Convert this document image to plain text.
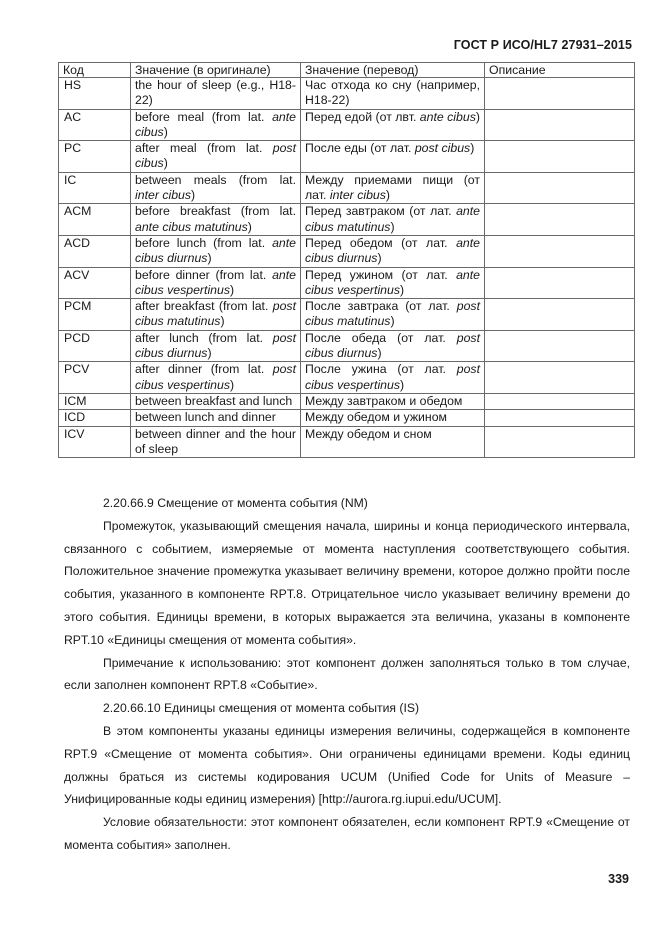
ГОСТ Р ИСО/HL7 27931–2015
Код	Значение (в оригинале)	Значение (перевод)	Описание
HS	the hour of sleep (e.g., H18-22)	Час отхода ко сну (например, H18-22)	
AC	before meal (from lat. ante cibus)	Перед едой (от лвт. ante cibus)	
PC	after meal (from lat. post cibus)	После еды (от лат. post cibus)	
IC	between meals (from lat. inter cibus)	Между приемами пищи (от лат. inter cibus)	
ACM	before breakfast (from lat. ante cibus matutinus)	Перед завтраком (от лат. ante cibus matutinus)	
ACD	before lunch (from lat. ante cibus diurnus)	Перед обедом (от лат. ante cibus diurnus)	
ACV	before dinner (from lat. ante cibus vespertinus)	Перед ужином (от лат. ante cibus vespertinus)	
PCM	after breakfast (from lat. post cibus matutinus)	После завтрака (от лат. post cibus matutinus)	
PCD	after lunch (from lat. post cibus diurnus)	После обеда (от лат. post cibus diurnus)	
PCV	after dinner (from lat. post cibus vespertinus)	После ужина (от лат. post cibus vespertinus)	
ICM	between breakfast and lunch	Между завтраком и обедом	
ICD	between lunch and dinner	Между обедом и ужином	
ICV	between dinner and the hour of sleep	Между обедом и сном	

2.20.66.9 Смещение от момента события (NM)

Промежуток, указывающий смещения начала, ширины и конца периодического интервала, связанного с событием, измеряемые от момента наступления соответствующего события. Положительное значение промежутка указывает величину времени, которое должно пройти после события, указанного в компоненте RPT.8. Отрицательное число указывает величину времени до этого события. Единицы времени, в которых выражается эта величина, указаны в компоненте RPT.10 «Единицы смещения от момента события».

Примечание к использованию: этот компонент должен заполняться только в том случае, если заполнен компонент RPT.8 «Событие».

2.20.66.10 Единицы смещения от момента события (IS)

В этом компоненты указаны единицы измерения величины, содержащейся в компоненте RPT.9 «Смещение от момента события». Они ограничены единицами времени. Коды единиц должны браться из системы кодирования UCUM (Unified Code for Units of Measure – Унифицированные коды единиц измерения) [http://aurora.rg.iupui.edu/UCUM].

Условие обязательности: этот компонент обязателен, если компонент RPT.9 «Смещение от момента события» заполнен.

339
